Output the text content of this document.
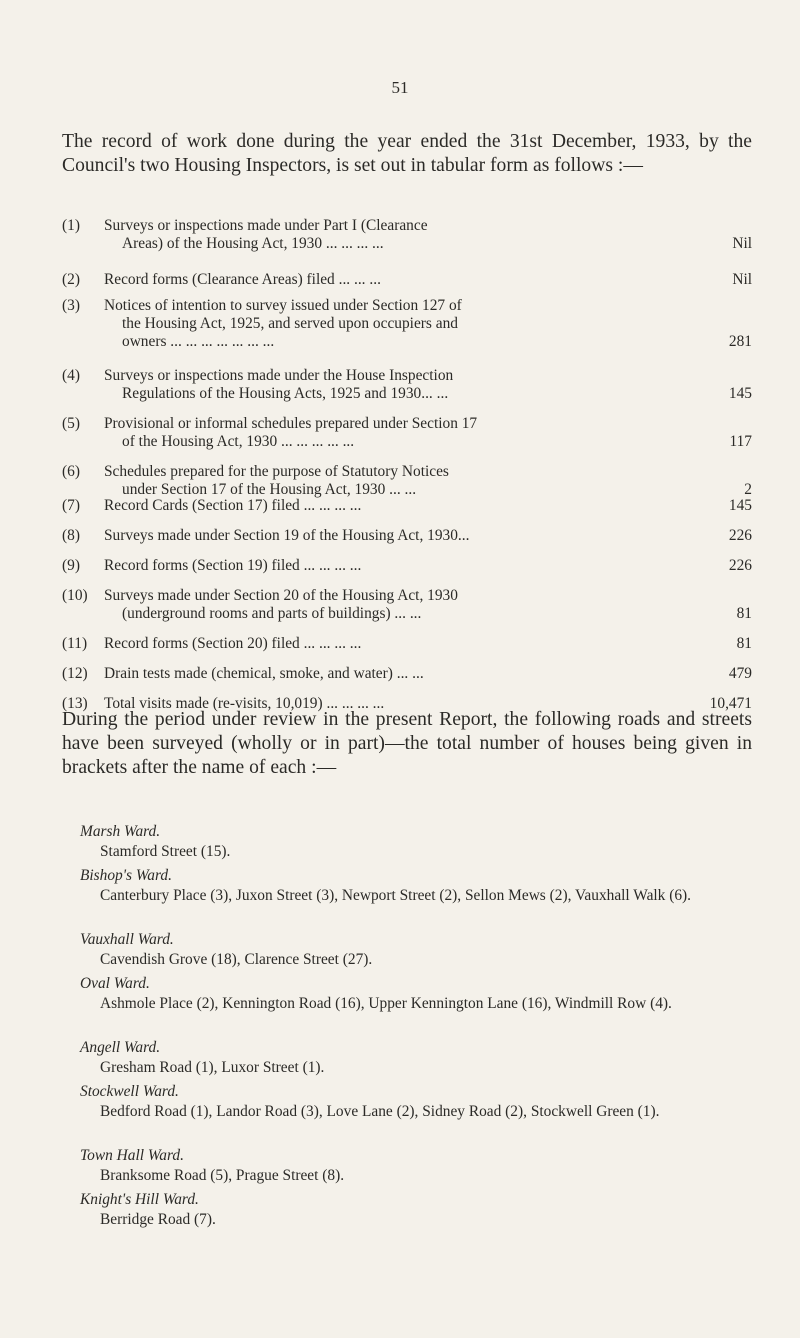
51
The record of work done during the year ended the 31st December, 1933, by the Council's two Housing Inspectors, is set out in tabular form as follows :—
(1)	Surveys or inspections made under Part I (Clearance
Areas) of the Housing Act, 1930 ... ... ... ...	Nil
(2)	Record forms (Clearance Areas) filed ... ... ...	Nil
(3)	Notices of intention to survey issued under Section 127 of
the Housing Act, 1925, and served upon occupiers and
owners ... ... ... ... ... ... ...	281
(4)	Surveys or inspections made under the House Inspection
Regulations of the Housing Acts, 1925 and 1930... ...	145
(5)	Provisional or informal schedules prepared under Section 17
of the Housing Act, 1930 ... ... ... ... ...	117
(6)	Schedules prepared for the purpose of Statutory Notices
under Section 17 of the Housing Act, 1930 ... ...	2
(7)	Record Cards (Section 17) filed ... ... ... ...	145
(8)	Surveys made under Section 19 of the Housing Act, 1930...	226
(9)	Record forms (Section 19) filed ... ... ... ...	226
(10)	Surveys made under Section 20 of the Housing Act, 1930
(underground rooms and parts of buildings) ... ...	81
(11)	Record forms (Section 20) filed ... ... ... ...	81
(12)	Drain tests made (chemical, smoke, and water) ... ...	479
(13)	Total visits made (re-visits, 10,019) ... ... ... ...	10,471
During the period under review in the present Report, the following roads and streets have been surveyed (wholly or in part)—the total number of houses being given in brackets after the name of each :—
Marsh Ward.
Stamford Street (15).
Bishop's Ward.
Canterbury Place (3), Juxon Street (3), Newport Street (2), Sellon Mews (2), Vauxhall Walk (6).
Vauxhall Ward.
Cavendish Grove (18), Clarence Street (27).
Oval Ward.
Ashmole Place (2), Kennington Road (16), Upper Kennington Lane (16), Windmill Row (4).
Angell Ward.
Gresham Road (1), Luxor Street (1).
Stockwell Ward.
Bedford Road (1), Landor Road (3), Love Lane (2), Sidney Road (2), Stockwell Green (1).
Town Hall Ward.
Branksome Road (5), Prague Street (8).
Knight's Hill Ward.
Berridge Road (7).
